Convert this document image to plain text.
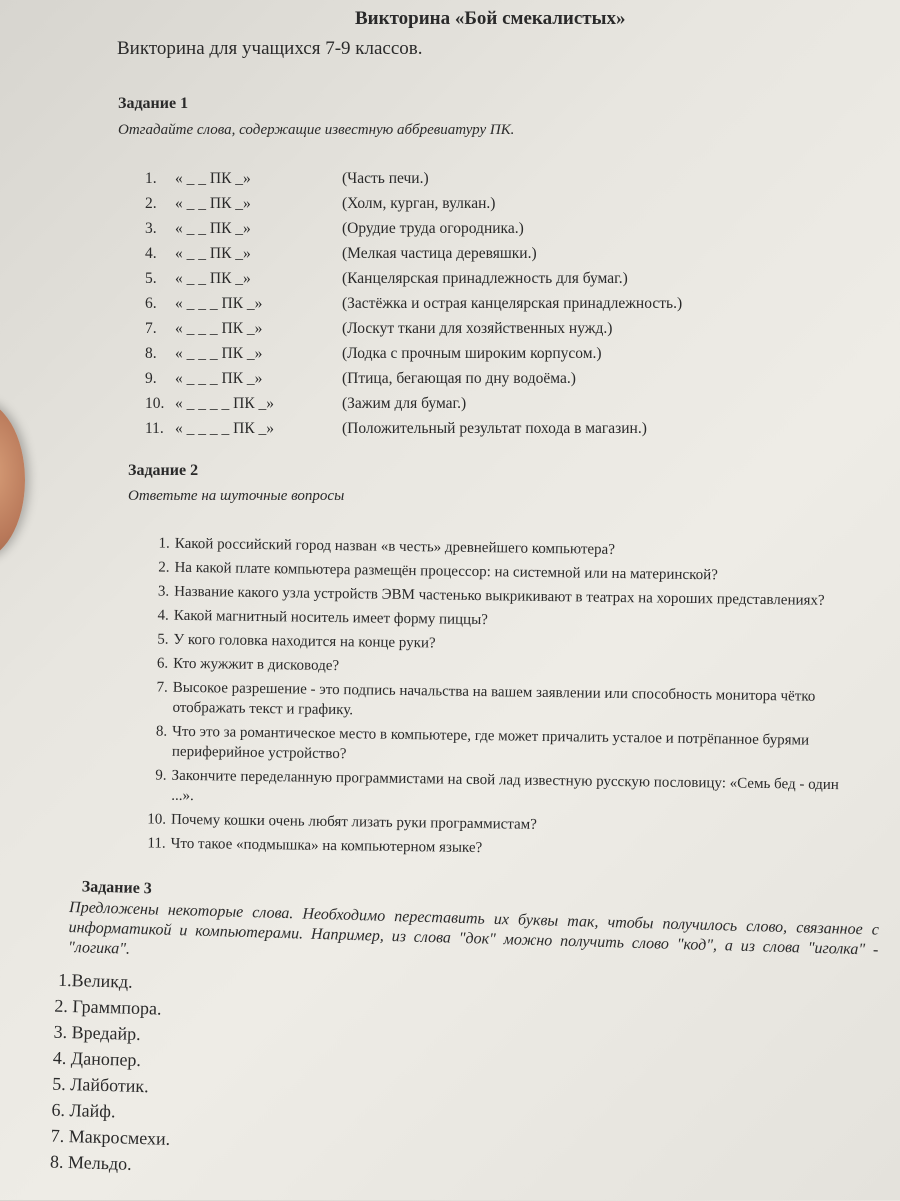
Викторина «Бой смекалистых»
Викторина для учащихся 7-9 классов.
Задание 1
Отгадайте слова, содержащие известную аббревиатуру ПК.
1.	« _ _ ПК _»	(Часть печи.)
2.	« _ _ ПК _»	(Холм, курган, вулкан.)
3.	« _ _ ПК _»	(Орудие труда огородника.)
4.	« _ _ ПК _»	(Мелкая частица деревяшки.)
5.	« _ _ ПК _»	(Канцелярская принадлежность для бумаг.)
6.	« _ _ _ ПК _»	(Застёжка и острая канцелярская принадлежность.)
7.	« _ _ _ ПК _»	(Лоскут ткани для хозяйственных нужд.)
8.	« _ _ _ ПК _»	(Лодка с прочным широким корпусом.)
9.	« _ _ _ ПК _»	(Птица, бегающая по дну водоёма.)
10. « _ _ _ _ ПК _»	(Зажим для бумаг.)
11. « _ _ _ _ ПК _»	(Положительный результат похода в магазин.)
Задание 2
Ответьте на шуточные вопросы
1. Какой российский город назван «в честь» древнейшего компьютера?
2. На какой плате компьютера размещён процессор: на системной или на материнской?
3. Название какого узла устройств ЭВМ частенько выкрикивают в театрах на хороших представлениях?
4. Какой магнитный носитель имеет форму пиццы?
5. У кого головка находится на конце руки?
6. Кто жужжит в дисководе?
7. Высокое разрешение - это подпись начальства на вашем заявлении или способность монитора чётко отображать текст и графику.
8. Что это за романтическое место в компьютере, где может причалить усталое и потрёпанное бурями периферийное устройство?
9. Закончите переделанную программистами на свой лад известную русскую пословицу: «Семь бед - один ...».
10. Почему кошки очень любят лизать руки программистам?
11. Что такое «подмышка» на компьютерном языке?
Задание 3
Предложены некоторые слова. Необходимо переставить их буквы так, чтобы получилось слово, связанное с информатикой и компьютерами. Например, из слова "док" можно получить слово "код", а из слова "иголка" - "логика".
1.Великд.
2. Граммпора.
3. Вредайр.
4. Данопер.
5. Лайботик.
6. Лайф.
7. Макросмехи.
8. Мельдо.
